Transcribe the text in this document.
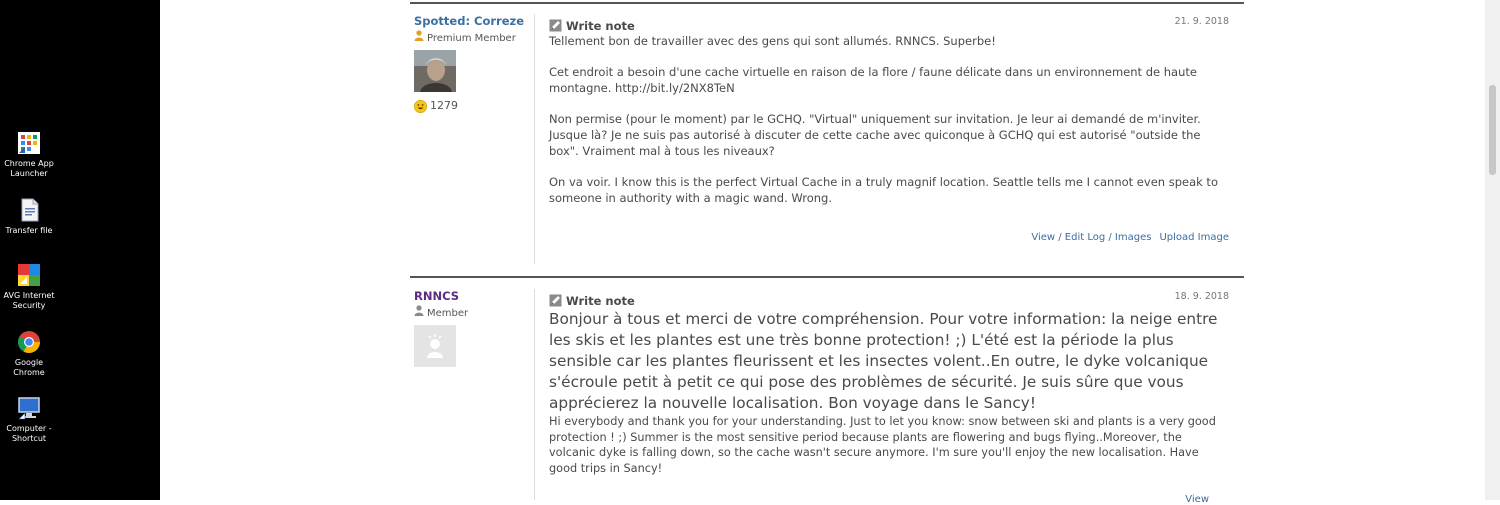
Chrome App Launcher
Transfer file
AVG Internet Security
Google Chrome
Computer - Shortcut
Spotted: Correze
Premium Member
1279
Write note	21. 9. 2018

Tellement bon de travailler avec des gens qui sont allumés. RNNCS. Superbe!

Cet endroit a besoin d'une cache virtuelle en raison de la flore / faune délicate dans un environnement de haute montagne. http://bit.ly/2NX8TeN

Non permise (pour le moment) par le GCHQ. "Virtual" uniquement sur invitation. Je leur ai demandé de m'inviter. Jusque là? Je ne suis pas autorisé à discuter de cette cache avec quiconque à GCHQ qui est autorisé "outside the box". Vraiment mal à tous les niveaux?

On va voir. I know this is the perfect Virtual Cache in a truly magnif location. Seattle tells me I cannot even speak to someone in authority with a magic wand. Wrong.

View / Edit Log / Images Upload Image
RNNCS
Member
Write note	18. 9. 2018

Bonjour à tous et merci de votre compréhension. Pour votre information: la neige entre les skis et les plantes est une très bonne protection! ;) L'été est la période la plus sensible car les plantes fleurissent et les insectes volent..En outre, le dyke volcanique s'écroule petit à petit ce qui pose des problèmes de sécurité. Je suis sûre que vous apprécierez la nouvelle localisation. Bon voyage dans le Sancy!

Hi everybody and thank you for your understanding. Just to let you know: snow between ski and plants is a very good protection ! ;) Summer is the most sensitive period because plants are flowering and bugs flying..Moreover, the volcanic dyke is falling down, so the cache wasn't secure anymore. I'm sure you'll enjoy the new localisation. Have good trips in Sancy!

View
